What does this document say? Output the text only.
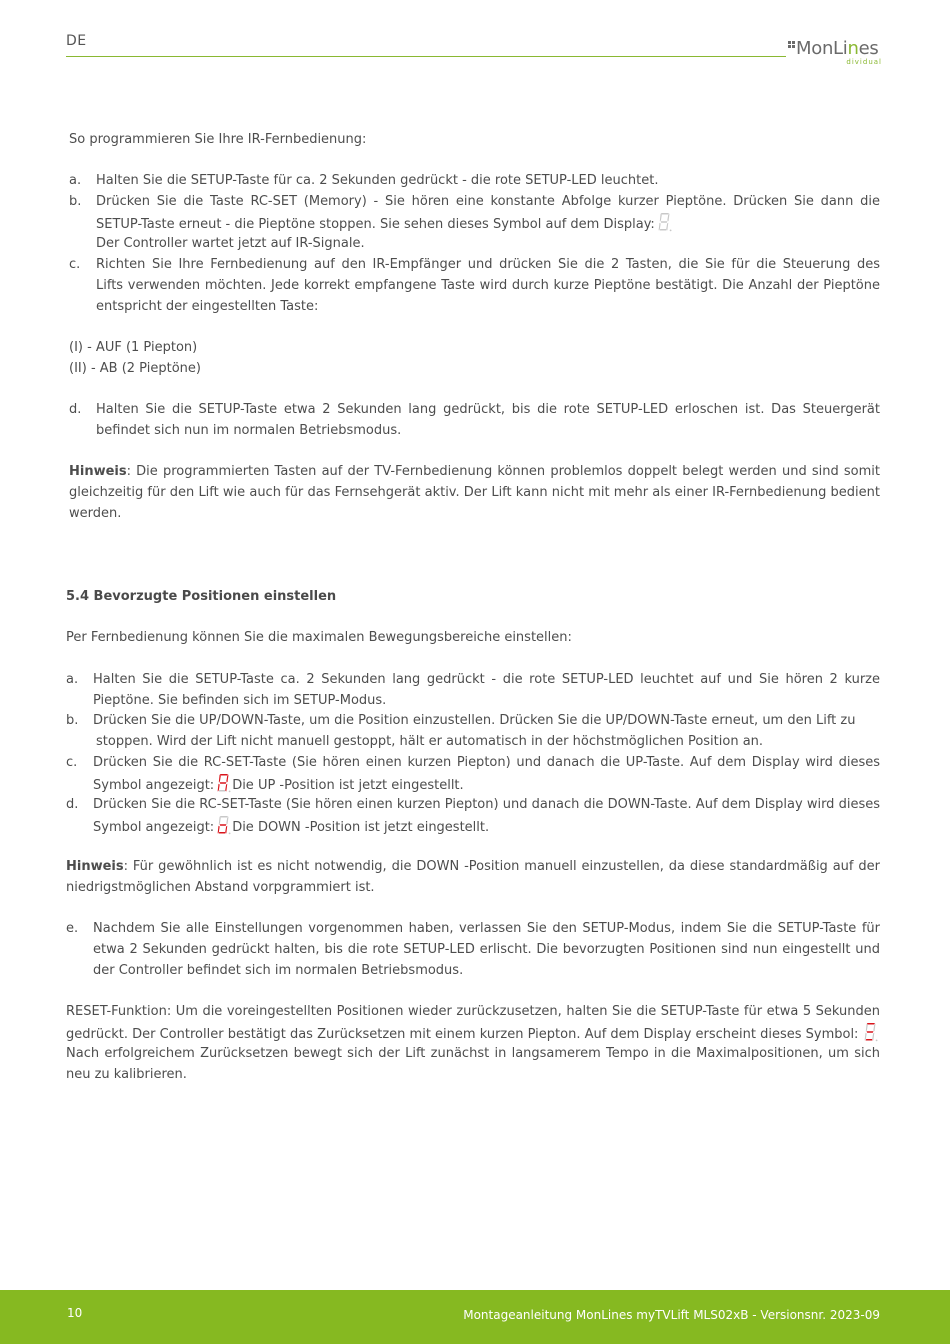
DE	MonLines
dividual
So programmieren Sie Ihre IR-Fernbedienung:
a. Halten Sie die SETUP-Taste für ca. 2 Sekunden gedrückt - die rote SETUP-LED leuchtet.
b. Drücken Sie die Taste RC-SET (Memory) - Sie hören eine konstante Abfolge kurzer Pieptöne. Drücken Sie dann die
SETUP-Taste erneut - die Pieptöne stoppen. Sie sehen dieses Symbol auf dem Display:
Der Controller wartet jetzt auf IR-Signale.
c. Richten Sie Ihre Fernbedienung auf den IR-Empfänger und drücken Sie die 2 Tasten, die Sie für die Steuerung des
Lifts verwenden möchten. Jede korrekt empfangene Taste wird durch kurze Pieptöne bestätigt. Die Anzahl der Pieptöne
entspricht der eingestellten Taste:
(I) - AUF (1 Piepton)
(II) - AB (2 Pieptöne)
d. Halten Sie die SETUP-Taste etwa 2 Sekunden lang gedrückt, bis die rote SETUP-LED erloschen ist. Das Steuergerät
befindet sich nun im normalen Betriebsmodus.
Hinweis: Die programmierten Tasten auf der TV-Fernbedienung können problemlos doppelt belegt werden und sind somit
gleichzeitig für den Lift wie auch für das Fernsehgerät aktiv. Der Lift kann nicht mit mehr als einer IR-Fernbedienung bedient
werden.
5.4 Bevorzugte Positionen einstellen
Per Fernbedienung können Sie die maximalen Bewegungsbereiche einstellen:
a. Halten Sie die SETUP-Taste ca. 2 Sekunden lang gedrückt - die rote SETUP-LED leuchtet auf und Sie hören 2 kurze
Pieptöne. Sie befinden sich im SETUP-Modus.
b. Drücken Sie die UP/DOWN-Taste, um die Position einzustellen. Drücken Sie die UP/DOWN-Taste erneut, um den Lift zu
stoppen. Wird der Lift nicht manuell gestoppt, hält er automatisch in der höchstmöglichen Position an.
c. Drücken Sie die RC-SET-Taste (Sie hören einen kurzen Piepton) und danach die UP-Taste. Auf dem Display wird dieses
Symbol angezeigt: Die UP -Position ist jetzt eingestellt.
d. Drücken Sie die RC-SET-Taste (Sie hören einen kurzen Piepton) und danach die DOWN-Taste. Auf dem Display wird dieses
Symbol angezeigt: Die DOWN -Position ist jetzt eingestellt.
Hinweis: Für gewöhnlich ist es nicht notwendig, die DOWN -Position manuell einzustellen, da diese standardmäßig auf der
niedrigstmöglichen Abstand vorpgrammiert ist.
e. Nachdem Sie alle Einstellungen vorgenommen haben, verlassen Sie den SETUP-Modus, indem Sie die SETUP-Taste für
etwa 2 Sekunden gedrückt halten, bis die rote SETUP-LED erlischt. Die bevorzugten Positionen sind nun eingestellt und
der Controller befindet sich im normalen Betriebsmodus.
RESET-Funktion: Um die voreingestellten Positionen wieder zurückzusetzen, halten Sie die SETUP-Taste für etwa 5 Sekunden
gedrückt. Der Controller bestätigt das Zurücksetzen mit einem kurzen Piepton. Auf dem Display erscheint dieses Symbol:
Nach erfolgreichem Zurücksetzen bewegt sich der Lift zunächst in langsamerem Tempo in die Maximalpositionen, um sich
neu zu kalibrieren.
10	Montageanleitung MonLines myTVLift MLS02xB - Versionsnr. 2023-09
